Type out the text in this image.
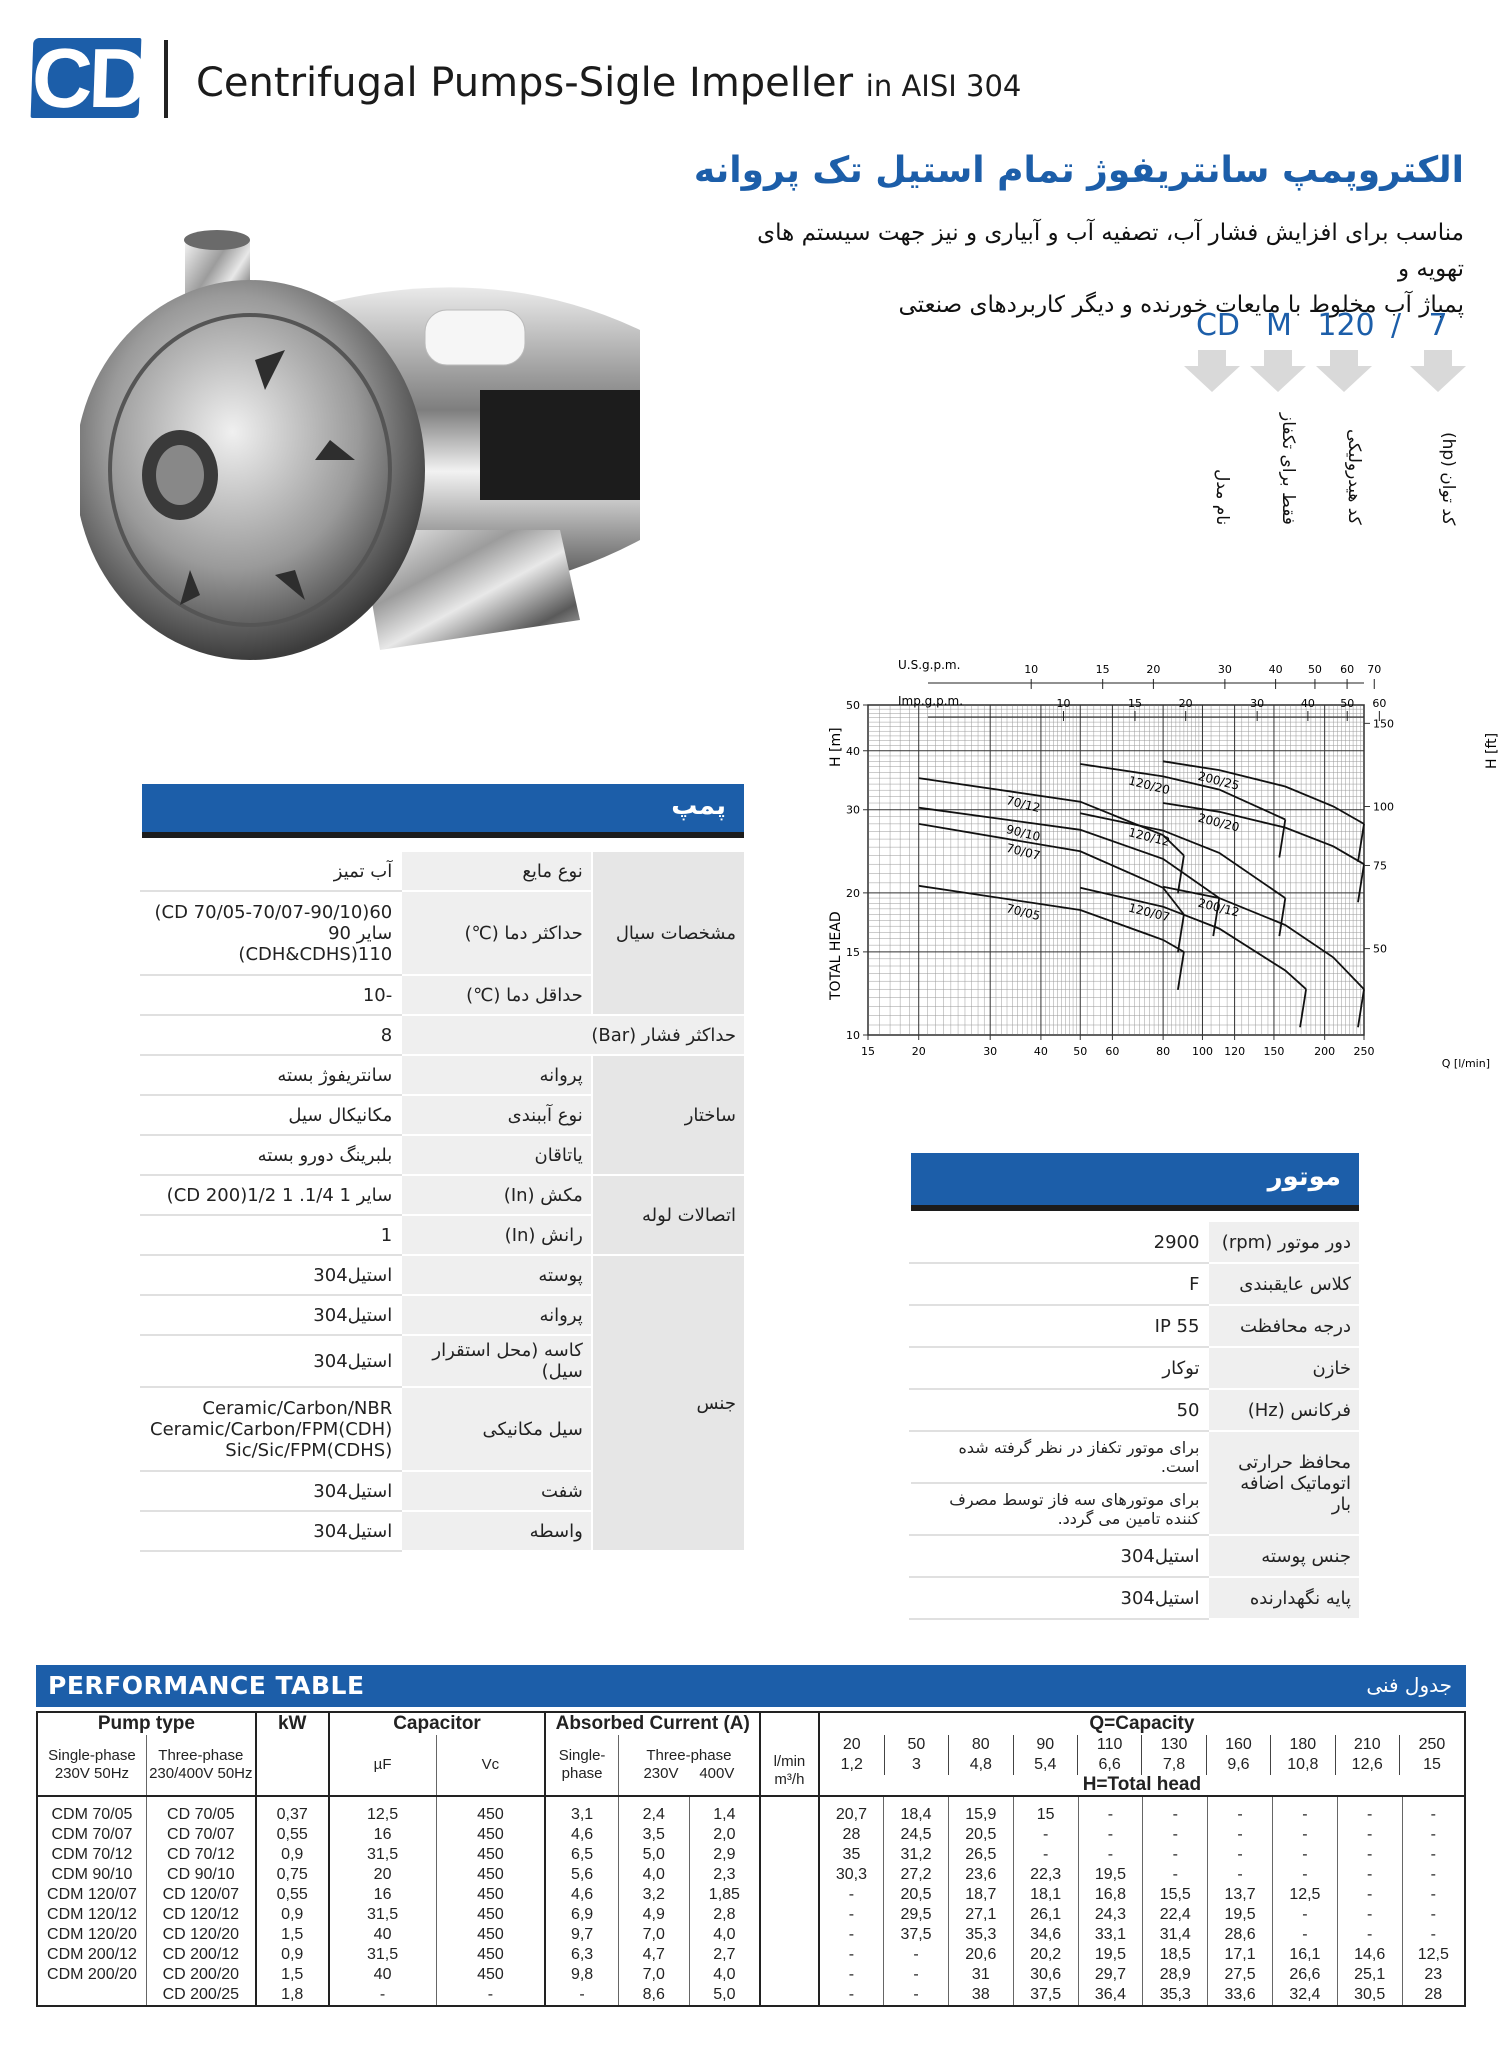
CD Centrifugal Pumps-Sigle Impeller in AISI 304
الکتروپمپ سانتریفوژ تمام استیل تک پروانه
مناسب برای افزایش فشار آب، تصفیه آب و آبیاری و نیز جهت سیستم های تهویه و
پمپاژ آب مخلوط با مایعات خورنده و دیگر کاربردهای صنعتی
CD M 120 / 7
نام مدل	فقط برای تکفاز	کد هیدرولیکی	کد توان (hp)
70/05
70/07
70/12
90/10
120/07
120/12
120/20
200/12
200/20
200/25
15	20	30	40 50 60	80 100 120 150	200 250
10
15
20
30
40
50
50
75
100
150
10	15	20	30	40 50 60 70
10	15	20	30	40 50 60
U.S.g.p.m.
Imp.g.p.m.
Q [l/min]
TOTAL HEAD
H [m]	H [ft]
پمپ
آب تمیز	نوع مایع	مشخصات سیال

60(CD 70/05-70/07-90/10)
سایر 90
110(CDH&CDHS)	حداکثر دما (℃)	

-10	حداقل دما (℃)	

8	حداکثر فشار (Bar)	

سانتریفوژ بسته	پروانه	ساختار

مکانیکال سیل	نوع آببندی	

بلبرینگ دورو بسته	یاتاقان	

سایر 1 1/4. 1 1/2(CD 200)	مکش (In)	اتصالات لوله

1	رانش (In)	

استیل304	پوسته	جنس

استیل304	پروانه	

استیل304	کاسه (محل استقرار سیل)	

Ceramic/Carbon/NBR
Ceramic/Carbon/FPM(CDH)
Sic/Sic/FPM(CDHS)	سیل مکانیکی	

استیل304	شفت	

استیل304	واسطه	
موتور
2900	دور موتور (rpm)
F	کلاس عایقبندی
IP 55	درجه محافظت
توکار	خازن
50	فرکانس (Hz)

برای موتور تکفاز در نظر گرفته شده است.
برای موتورهای سه فاز توسط مصرف کننده تامین می گردد.	محافظ حرارتی اتوماتیک اضافه بار
استیل304	جنس پوسته
استیل304	پایه نگهدارنده
PERFORMANCE TABLE	جدول فنی
Pump type	kW	Capacitor	Absorbed Current (A)	l/min
m³/h	Q=Capacity
Single-phase 230V 50Hz	Three-phase 230/400V 50Hz	µF	Vc	Single-phase	Three-phase
230V 400V	
20	50	80	90	110	130	160	180	210	250
1,2	3	4,8	5,4	6,6	7,8	9,6	10,8	12,6	15
H=Total head

CDM 70/05	CD 70/05	0,37	12,5	450	3,1	2,4	1,4		20,7	18,4	15,9	15	-	-	-	-	-	-
CDM 70/07	CD 70/07	0,55	16	450	4,6	3,5	2,0		28	24,5	20,5	-	-	-	-	-	-	-
CDM 70/12	CD 70/12	0,9	31,5	450	6,5	5,0	2,9		35	31,2	26,5	-	-	-	-	-	-	-
CDM 90/10	CD 90/10	0,75	20	450	5,6	4,0	2,3		30,3	27,2	23,6	22,3	19,5	-	-	-	-	-
CDM 120/07	CD 120/07	0,55	16	450	4,6	3,2	1,85		-	20,5	18,7	18,1	16,8	15,5	13,7	12,5	-	-
CDM 120/12	CD 120/12	0,9	31,5	450	6,9	4,9	2,8		-	29,5	27,1	26,1	24,3	22,4	19,5	-	-	-
CDM 120/20	CD 120/20	1,5	40	450	9,7	7,0	4,0		-	37,5	35,3	34,6	33,1	31,4	28,6	-	-	-
CDM 200/12	CD 200/12	0,9	31,5	450	6,3	4,7	2,7		-	-	20,6	20,2	19,5	18,5	17,1	16,1	14,6	12,5
CDM 200/20	CD 200/20	1,5	40	450	9,8	7,0	4,0		-	-	31	30,6	29,7	28,9	27,5	26,6	25,1	23
	CD 200/25	1,8	-	-	-	8,6	5,0		-	-	38	37,5	36,4	35,3	33,6	32,4	30,5	28
